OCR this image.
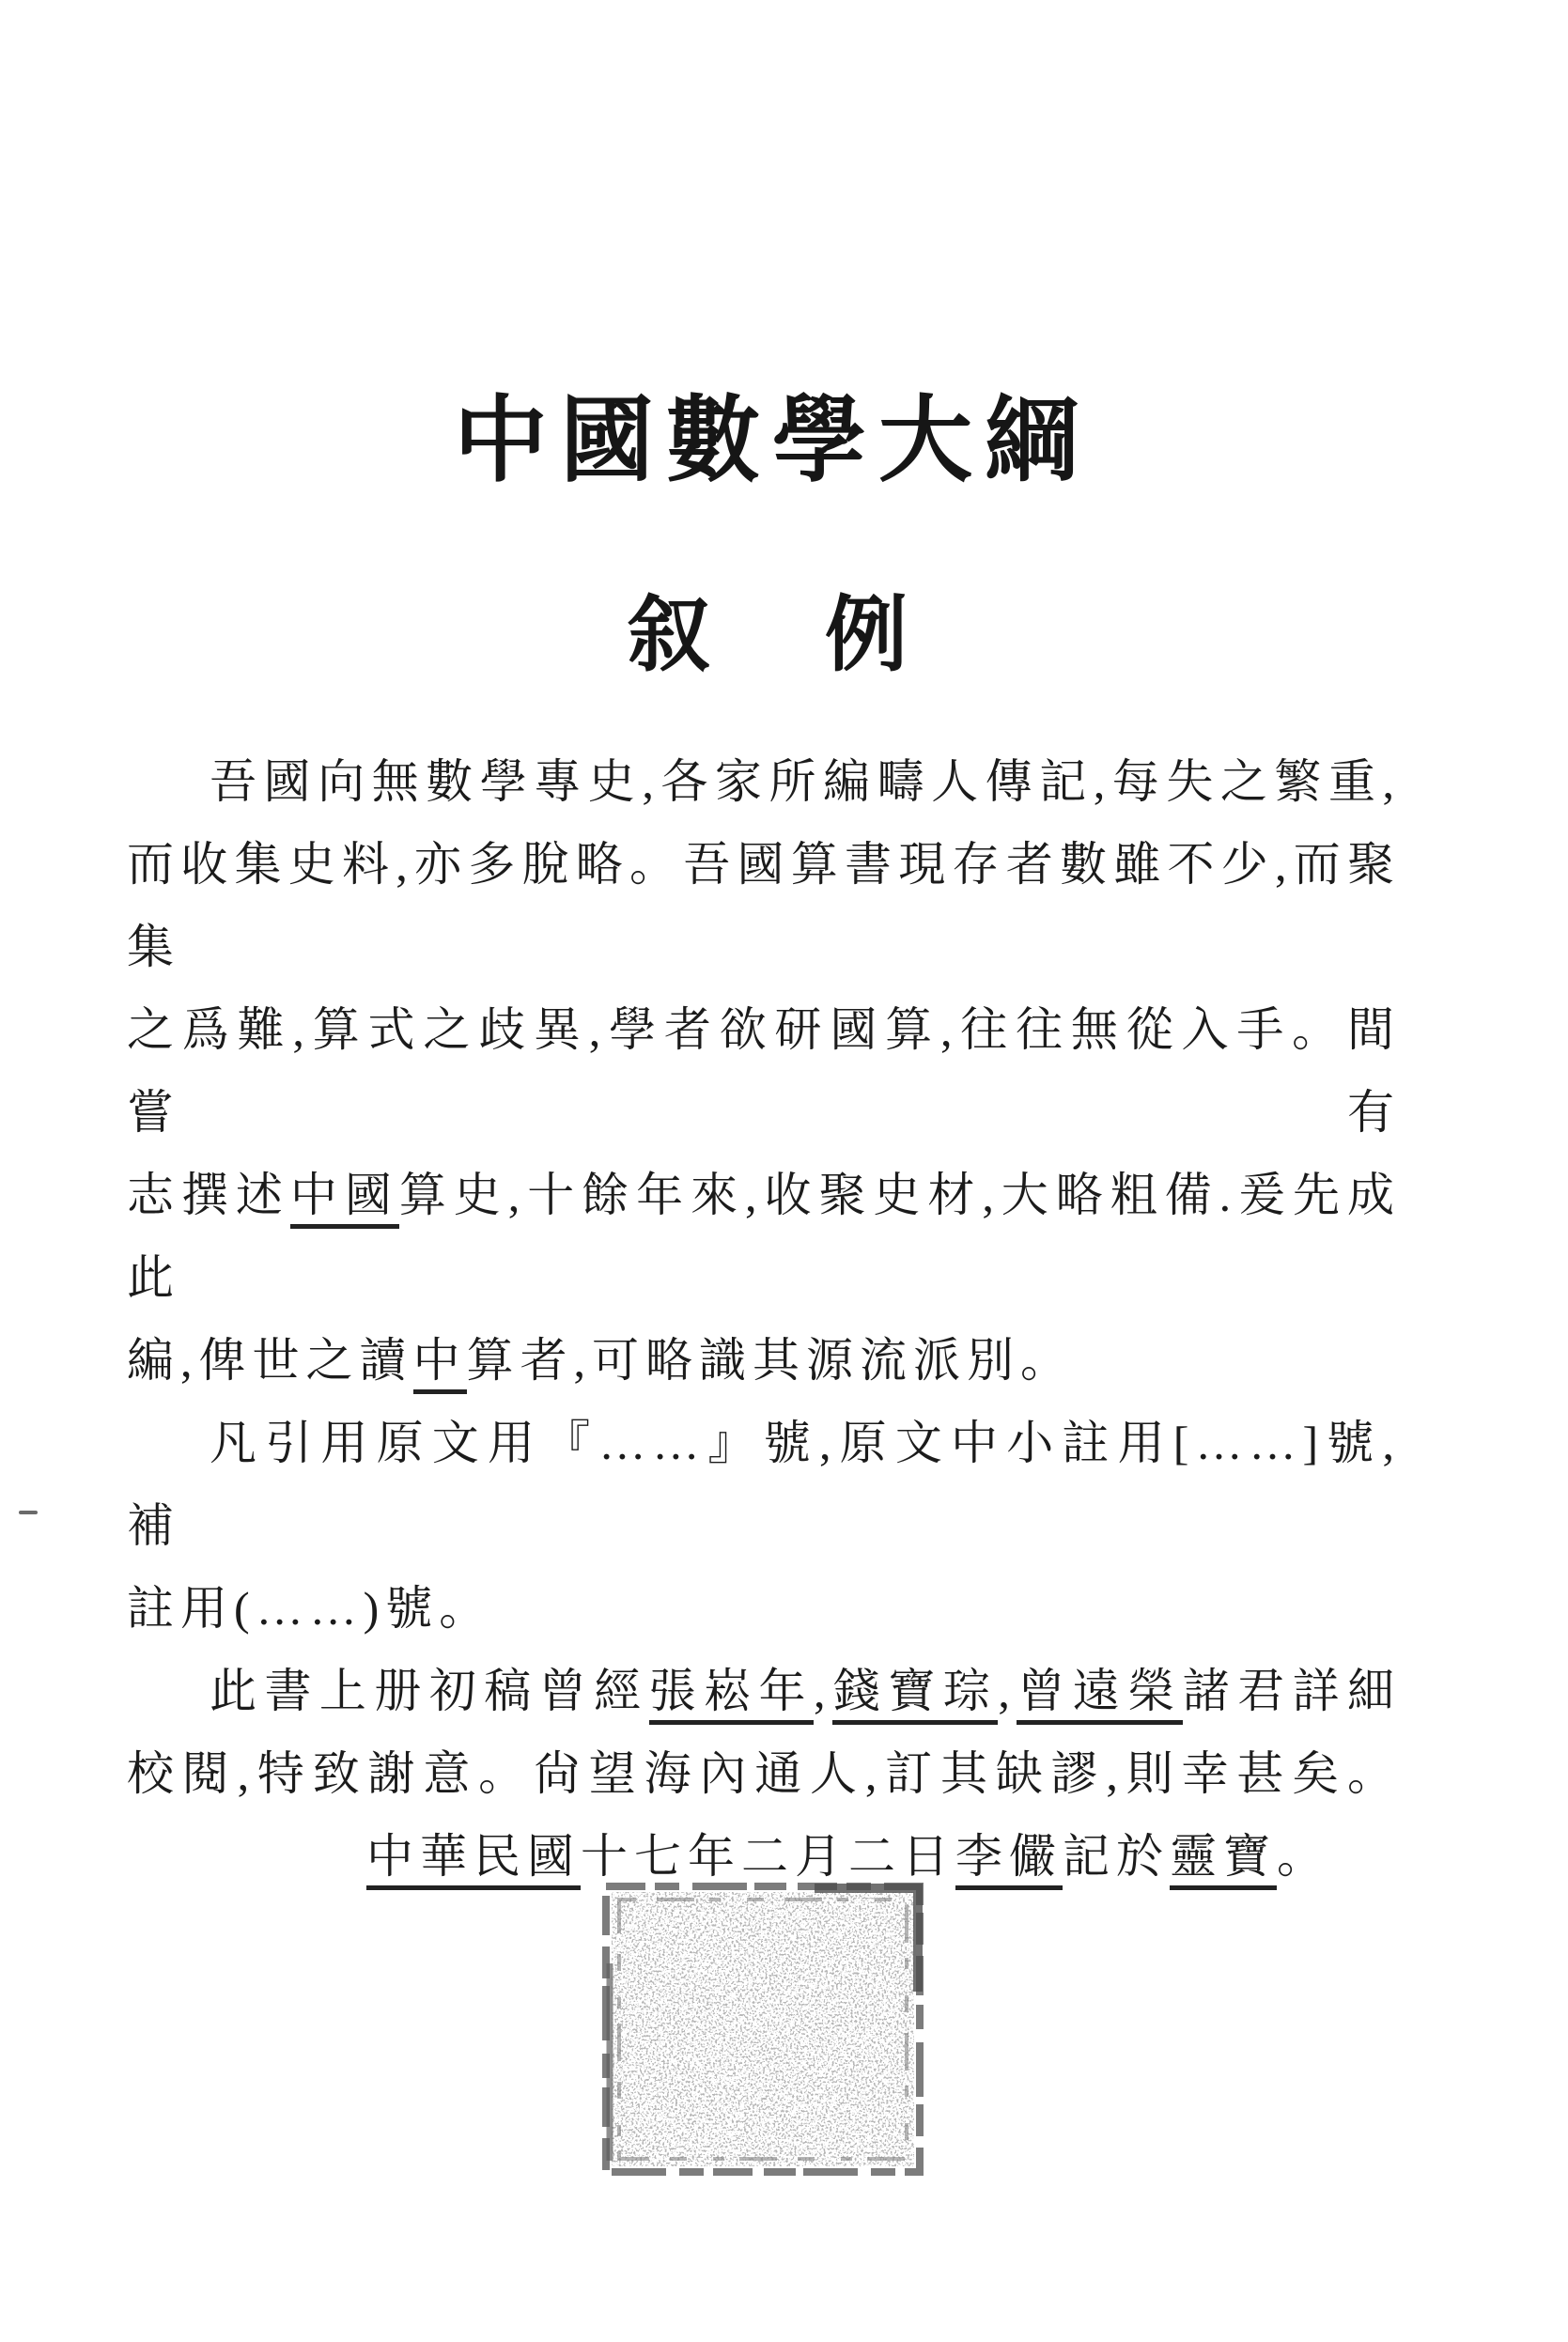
中國數學大綱
叙例
吾國向無數學專史,各家所編疇人傳記,每失之繁重,
而收集史料,亦多脫略。吾國算書現存者數雖不少,而聚集
之爲難,算式之歧異,學者欲研國算,往往無從入手。間嘗有
志撰述中國算史,十餘年來,收聚史材,大略粗備.爰先成此
編,俾世之讀中算者,可略識其源流派別。
凡引用原文用『……』號,原文中小註用[……]號,補
註用(……)號。
此書上册初稿曾經張崧年,錢寶琮,曾遠榮諸君詳細
校閱,特致謝意。尙望海內通人,訂其缺謬,則幸甚矣。
中華民國十七年二月二日李儼記於靈寶。
